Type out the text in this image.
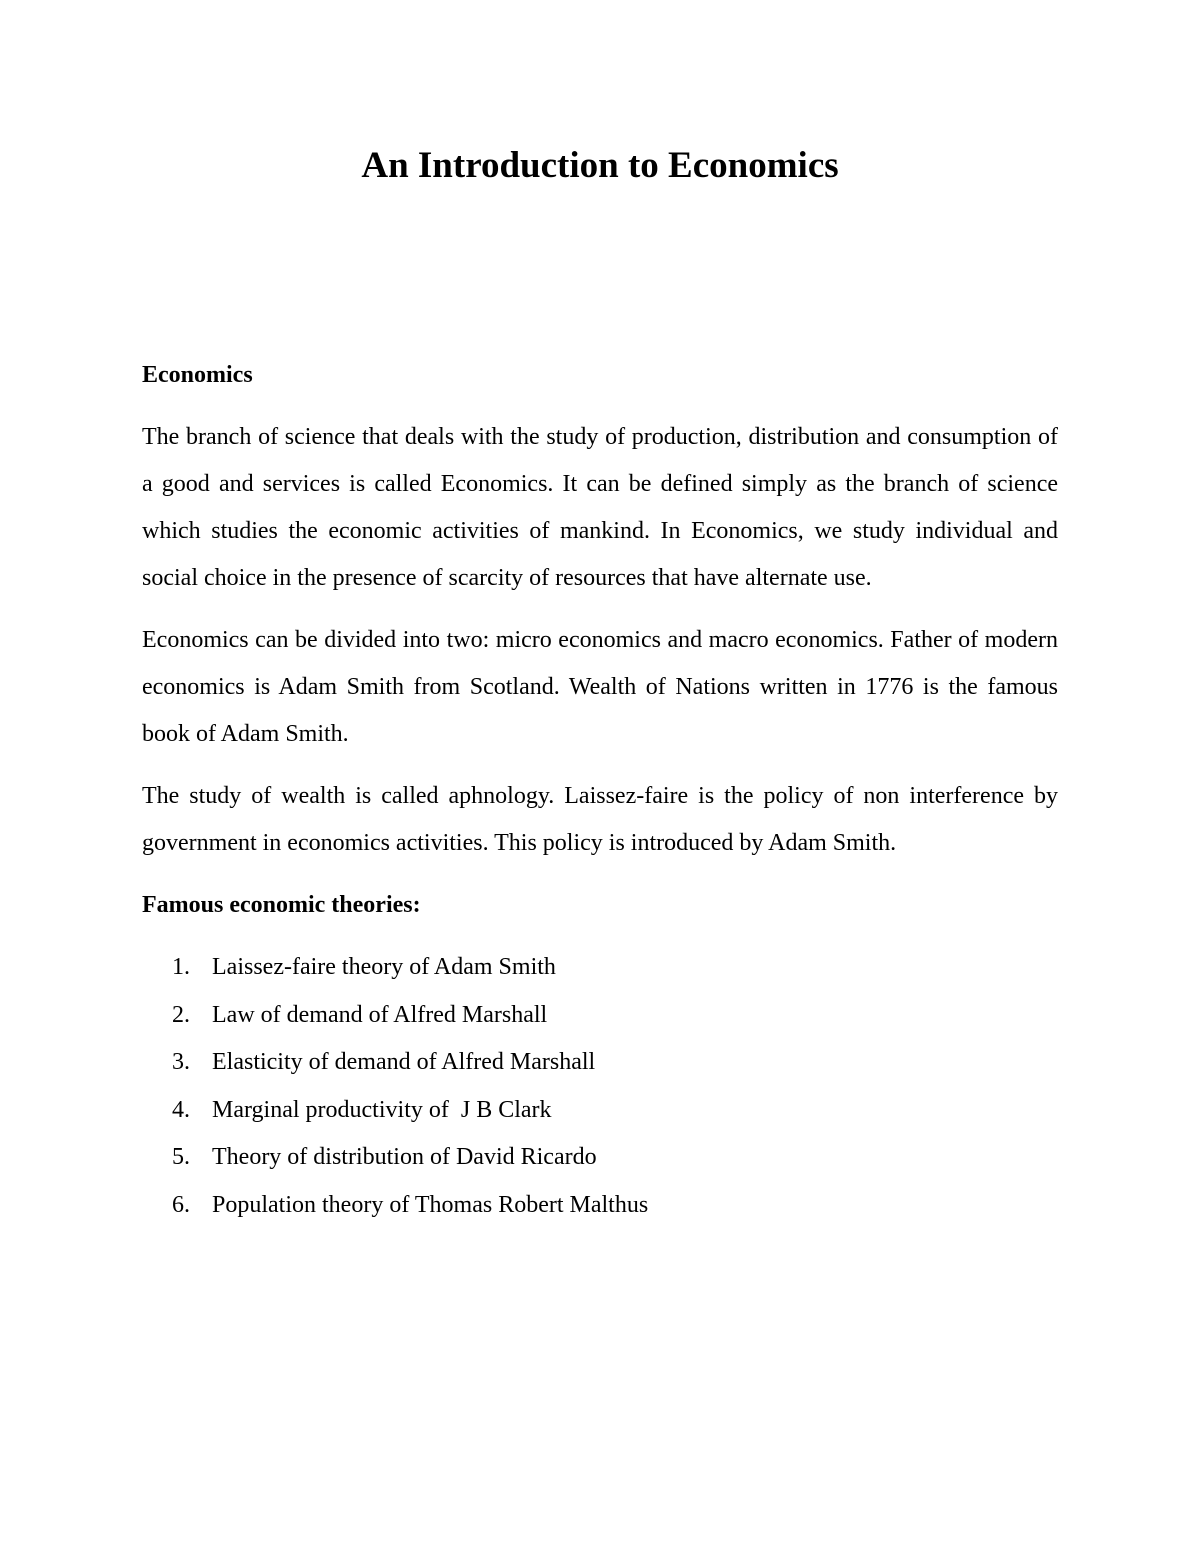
An Introduction to Economics

Economics

The branch of science that deals with the study of production, distribution and consumption of a good and services is called Economics. It can be defined simply as the branch of science which studies the economic activities of mankind. In Economics, we study individual and social choice in the presence of scarcity of resources that have alternate use.

Economics can be divided into two: micro economics and macro economics. Father of modern economics is Adam Smith from Scotland. Wealth of Nations written in 1776 is the famous book of Adam Smith.

The study of wealth is called aphnology. Laissez-faire is the policy of non interference by government in economics activities. This policy is introduced by Adam Smith.

Famous economic theories:

1. Laissez-faire theory of Adam Smith
2. Law of demand of Alfred Marshall
3. Elasticity of demand of Alfred Marshall
4. Marginal productivity of  J B Clark
5. Theory of distribution of David Ricardo
6. Population theory of Thomas Robert Malthus
